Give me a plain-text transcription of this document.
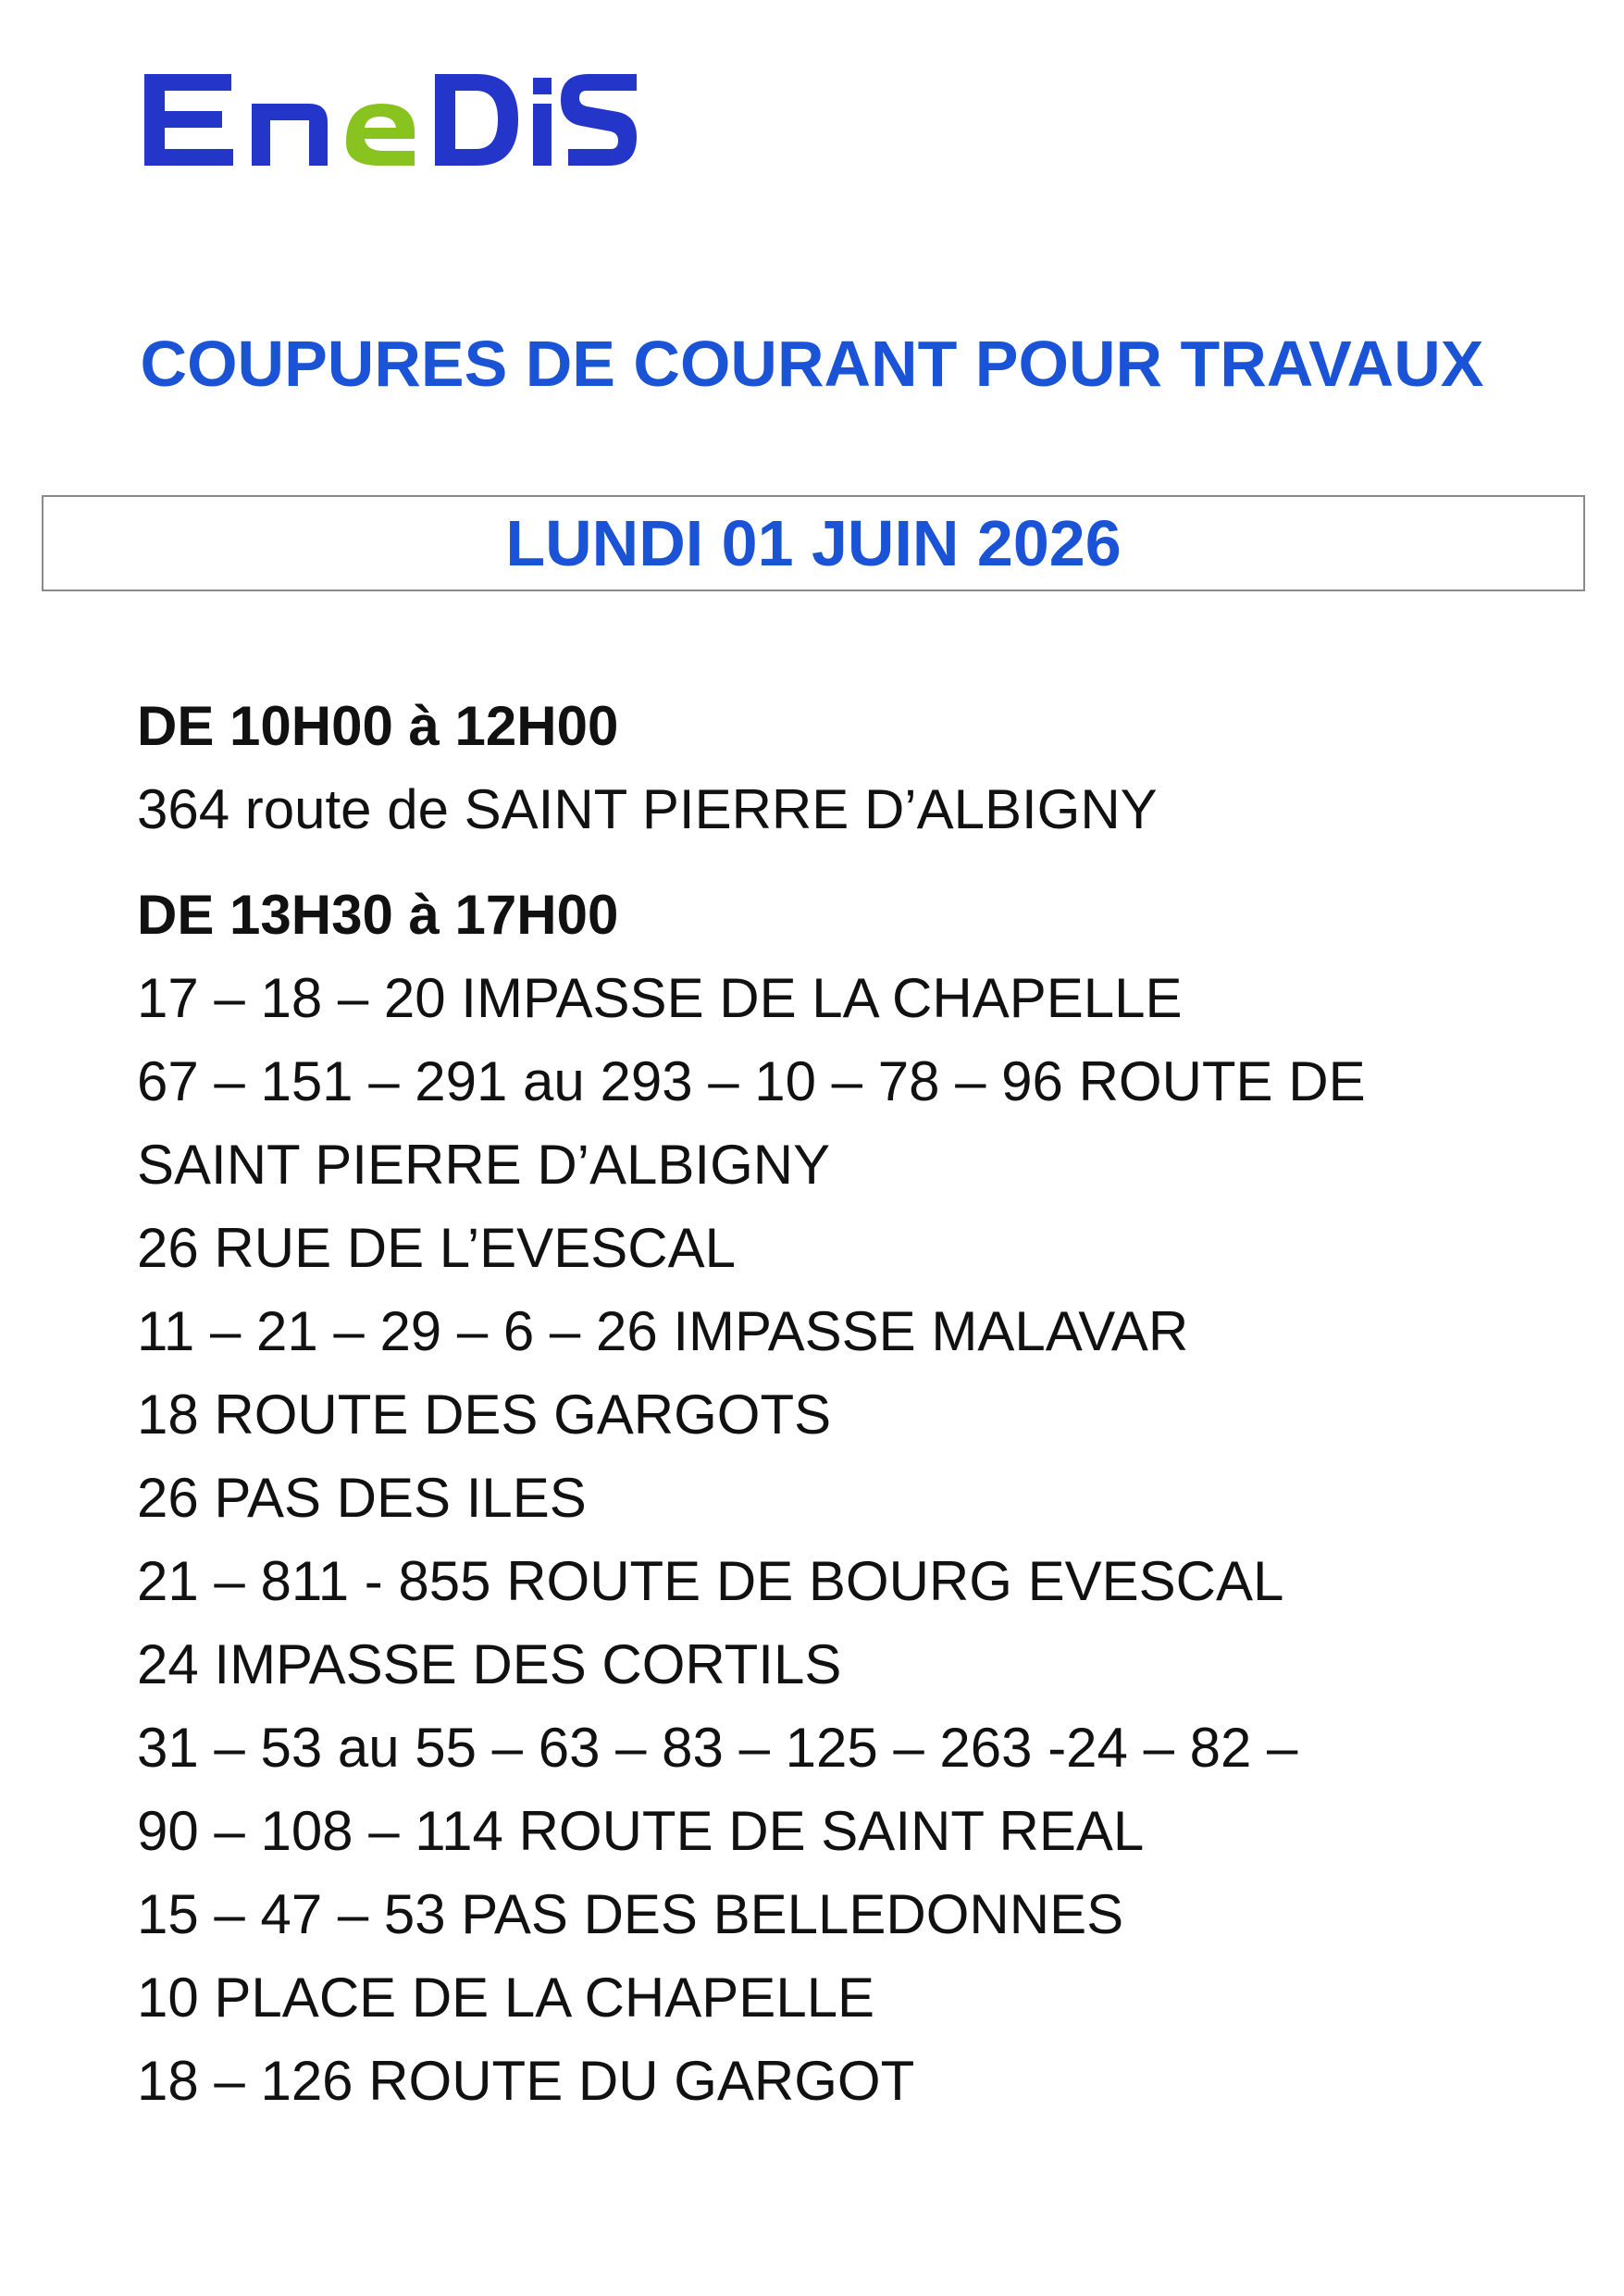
COUPURES DE COURANT POUR TRAVAUX
LUNDI 01 JUIN 2026
DE 10H00 à 12H00
364 route de SAINT PIERRE D’ALBIGNY
DE 13H30 à 17H00
17 – 18 – 20 IMPASSE DE LA CHAPELLE
67 – 151 – 291 au 293 – 10 – 78 – 96 ROUTE DE
SAINT PIERRE D’ALBIGNY
26 RUE DE L’EVESCAL
11 – 21 – 29 – 6 – 26 IMPASSE MALAVAR
18 ROUTE DES GARGOTS
26 PAS DES ILES
21 – 811 - 855 ROUTE DE BOURG EVESCAL
24 IMPASSE DES CORTILS
31 – 53 au 55 – 63 – 83 – 125 – 263 -24 – 82 –
90 – 108 – 114 ROUTE DE SAINT REAL
15 – 47 – 53 PAS DES BELLEDONNES
10 PLACE DE LA CHAPELLE
18 – 126 ROUTE DU GARGOT
